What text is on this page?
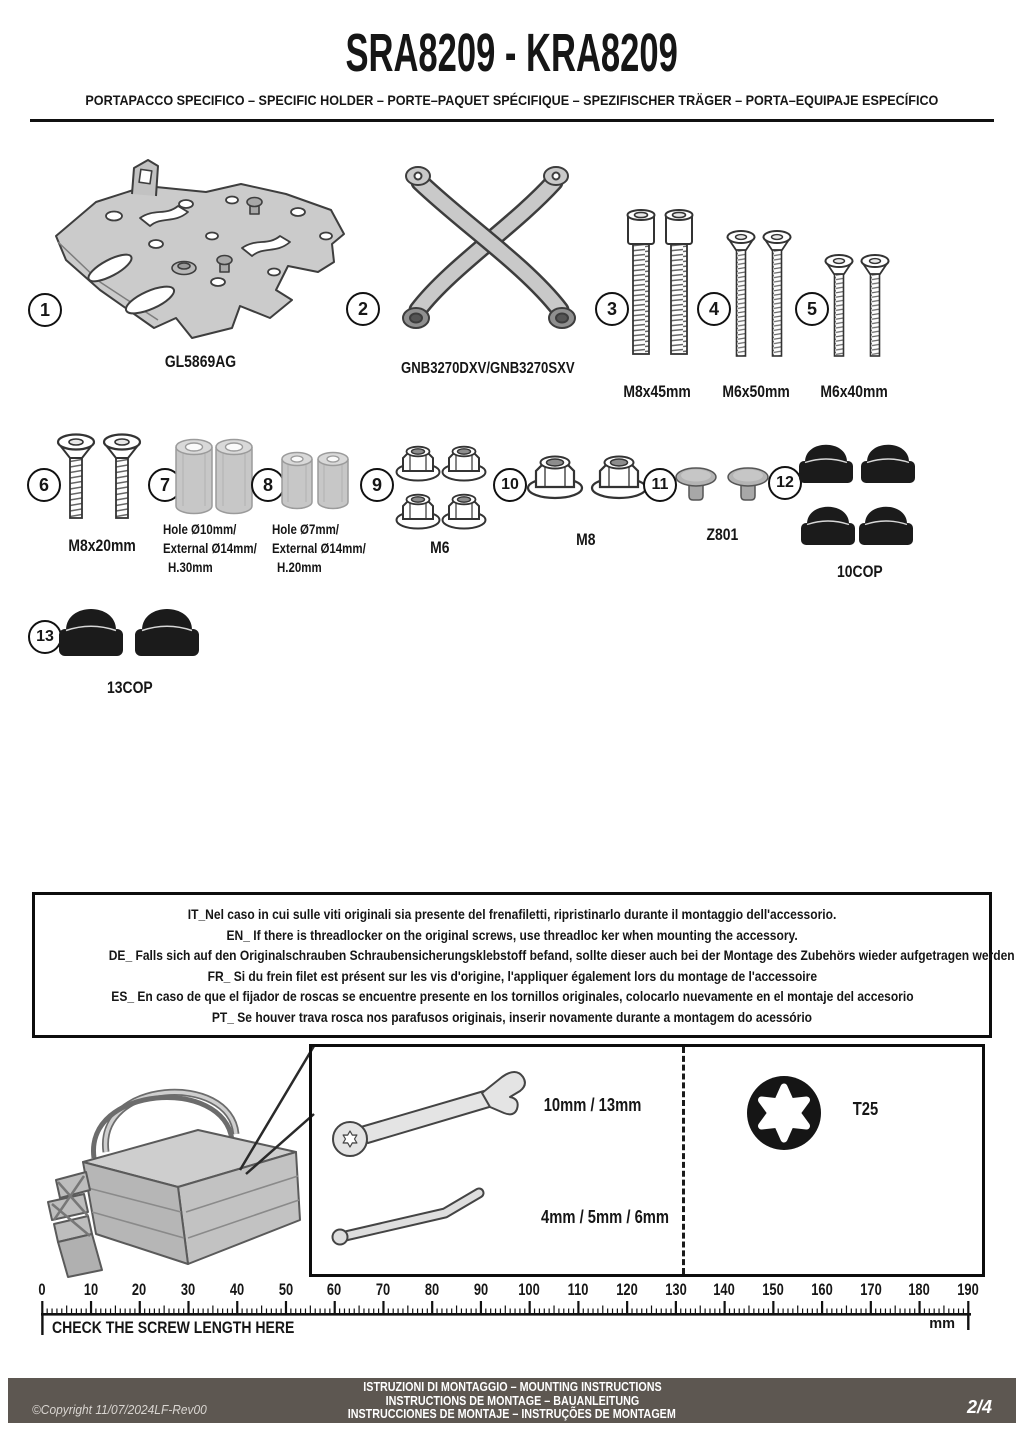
SRA8209 - KRA8209
PORTAPACCO SPECIFICO – SPECIFIC HOLDER – PORTE–PAQUET SPÉCIFIQUE – SPEZIFISCHER TRÄGER – PORTA–EQUIPAJE ESPECÍFICO
1
GL5869AG
2
GNB3270DXV/GNB3270SXV
3
M8x45mm
4
M6x50mm
5
M6x40mm
6
M8x20mm
7
Hole Ø10mm/
External Ø14mm/
H.30mm
8
Hole Ø7mm/
External Ø14mm/
H.20mm
9
M6
10
M8
11
Z801
12
10COP
13
13COP
IT_Nel caso in cui sulle viti originali sia presente del frenafiletti, ripristinarlo durante il montaggio dell'accessorio.
EN_ If there is threadlocker on the original screws, use threadloc ker when mounting the accessory.
DE_ Falls sich auf den Originalschrauben Schraubensicherungsklebstoff befand, sollte dieser auch bei der Montage des Zubehörs wieder aufgetragen werden
FR_ Si du frein filet est présent sur les vis d'origine, l'appliquer également lors du montage de l'accessoire
ES_ En caso de que el fijador de roscas se encuentre presente en los tornillos originales, colocarlo nuevamente en el montaje del accesorio
PT_ Se houver trava rosca nos parafusos originais, inserir novamente durante a montagem do acessório
10mm / 13mm
4mm / 5mm / 6mm
T25
0 10 20 30 40 50 60 70 80 90 100 110 120 130 140 150 160 170 180 190
mm
CHECK THE SCREW LENGTH HERE
©Copyright 11/07/2024LF-Rev00
ISTRUZIONI DI MONTAGGIO – MOUNTING INSTRUCTIONS
INSTRUCTIONS DE MONTAGE – BAUANLEITUNG
INSTRUCCIONES DE MONTAJE – INSTRUÇÕES DE MONTAGEM	2/4
